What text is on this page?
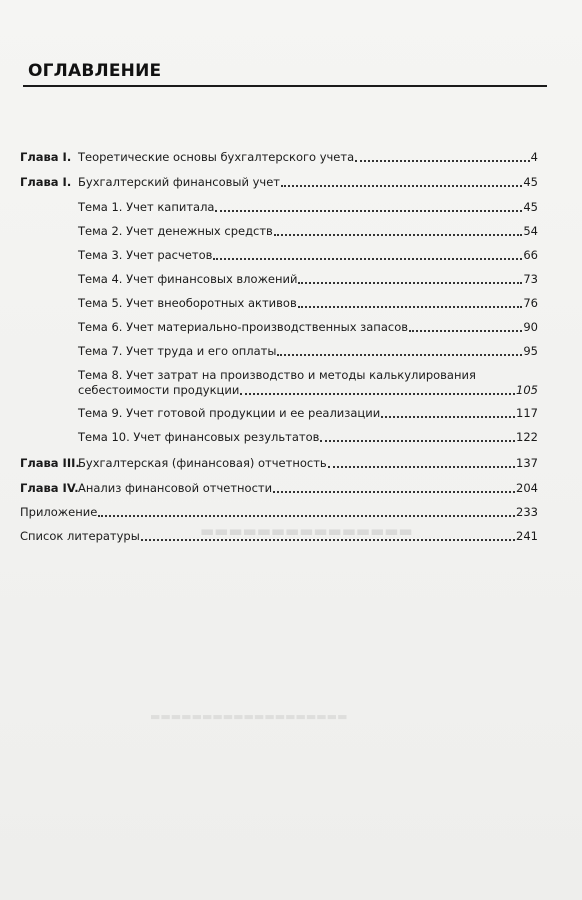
ОГЛАВЛЕНИЕ
▬▬▬▬▬▬▬▬▬▬▬▬▬▬▬
▬▬▬▬▬▬▬▬▬▬▬▬▬▬▬▬▬▬▬
Глава I. Теоретические основы бухгалтерского учета	4
Глава I. Бухгалтерский финансовый учет	45
Тема 1. Учет капитала	45
Тема 2. Учет денежных средств	54
Тема 3. Учет расчетов	66
Тема 4. Учет финансовых вложений	73
Тема 5. Учет внеоборотных активов	76
Тема 6. Учет материально-производственных запасов	90
Тема 7. Учет труда и его оплаты	95
Тема 8. Учет затрат на производство и методы калькулирования
себестоимости продукции	105
Тема 9. Учет готовой продукции и ее реализации	117
Тема 10. Учет финансовых результатов	122
Глава III.
Бухгалтерская (финансовая) отчетность	137
Глава IV. Анализ финансовой отчетности	204
Приложение	233
Список литературы	241
